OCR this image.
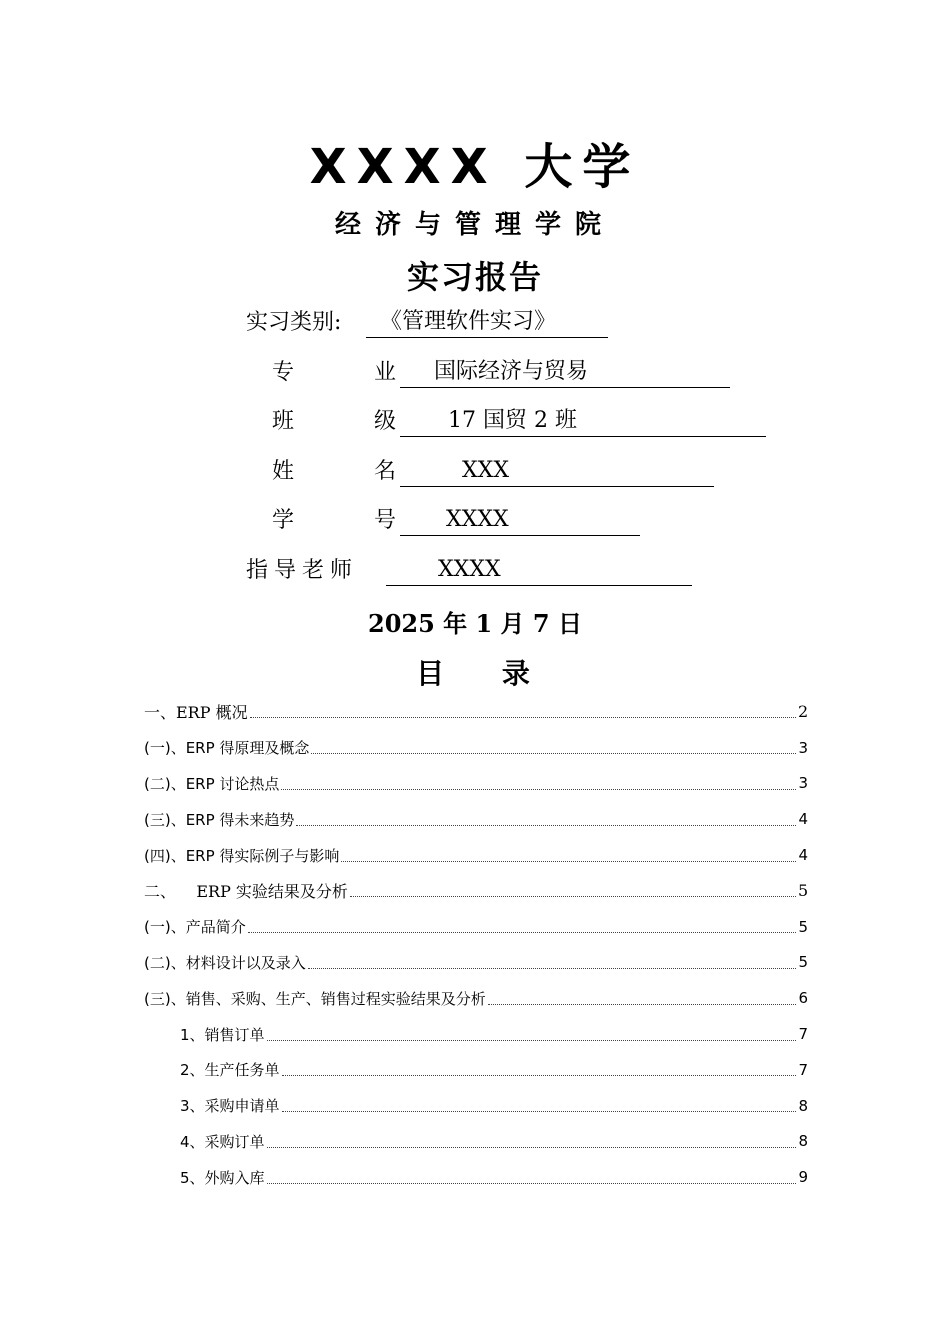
XXXX 大学
经济与管理学院
实习报告
实习类别:	《管理软件实习》
专	业	国际经济与贸易
班	级	17 国贸 2 班
姓	名	XXX
学	号	XXXX
指导老师	XXXX
2025 年 1 月 7 日
目 录
一、ERP 概况	2
(一)、ERP 得原理及概念	3
(二)、ERP 讨论热点	3
(三)、ERP 得未来趋势	4
(四)、ERP 得实际例子与影响	4
二、    ERP 实验结果及分析	5
(一)、产品简介	5
(二)、材料设计以及录入	5
(三)、销售、采购、生产、销售过程实验结果及分析	6
1、销售订单	7
2、生产任务单	7
3、采购申请单	8
4、采购订单	8
5、外购入库	9
